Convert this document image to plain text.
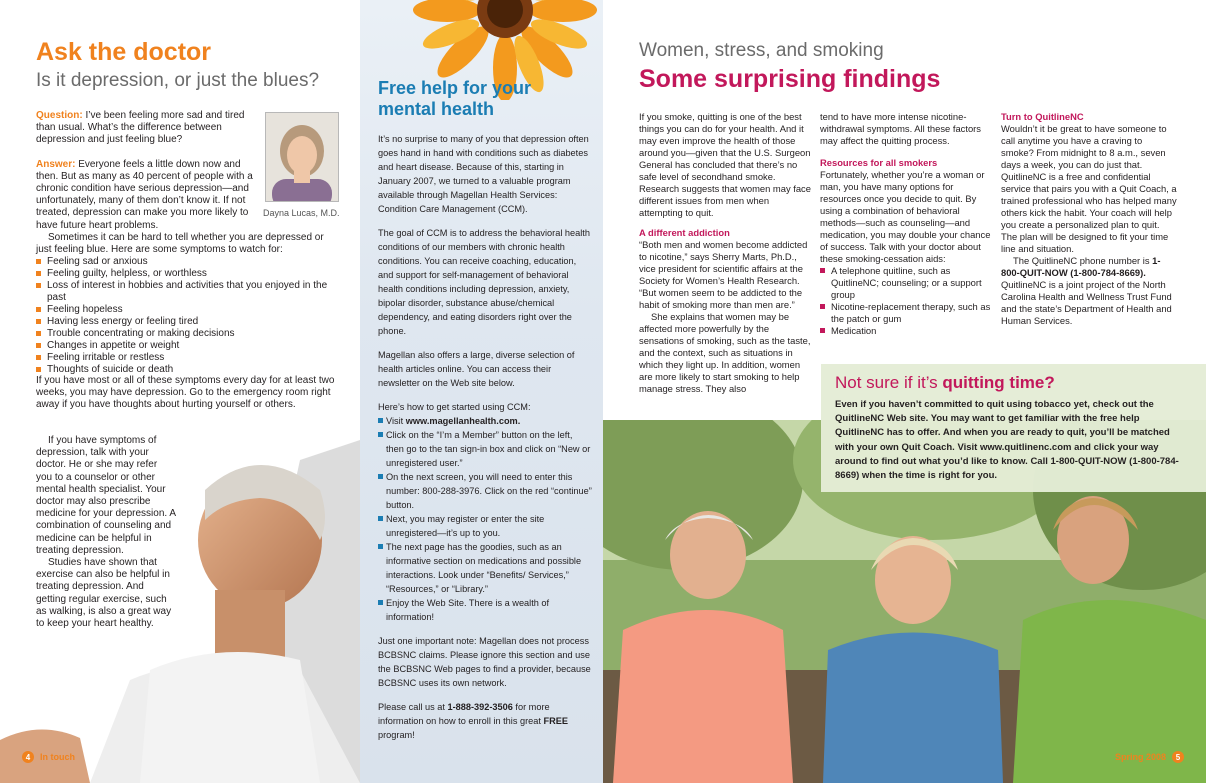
Ask the doctor
Is it depression, or just the blues?

Question: I’ve been feeling more sad and tired than usual. What’s the difference between depression and just feeling blue?

Answer: Everyone feels a little down now and then. But as many as 40 percent of people with a chronic condition have serious depression—and unfortunately, many of them don’t know it. If not treated, depression can make you more likely to have future heart problems.

Dayna Lucas, M.D.
Sometimes it can be hard to tell whether you are depressed or just feeling blue. Here are some symptoms to watch for:
Feeling sad or anxious
Feeling guilty, helpless, or worthless
Loss of interest in hobbies and activities that you enjoyed in the past
Feeling hopeless
Having less energy or feeling tired
Trouble concentrating or making decisions
Changes in appetite or weight
Feeling irritable or restless
Thoughts of suicide or death
If you have most or all of these symptoms every day for at least two weeks, you may have depression. Go to the emergency room right away if you have thoughts about hurting yourself or others.

If you have symptoms of depression, talk with your doctor. He or she may refer you to a counselor or other mental health specialist. Your doctor may also prescribe medicine for your depression. A combination of counseling and medicine can be helpful in treating depression.

Studies have shown that exercise can also be helpful in treating depression. And getting regular exercise, such as walking, is also a great way to keep your heart healthy.

4	In touch
Free help for your mental health

It’s no surprise to many of you that depression often goes hand in hand with conditions such as diabetes and heart disease. Because of this, starting in January 2007, we turned to a valuable program available through Magellan Health Services: Condition Care Management (CCM).

The goal of CCM is to address the behavioral health conditions of our members with chronic health conditions. You can receive coaching, education, and support for self-management of behavioral health conditions including depression, anxiety, bipolar disorder, substance abuse/chemical dependency, and eating disorders right over the phone.

Magellan also offers a large, diverse selection of health articles online. You can access their newsletter on the Web site below.

Here’s how to get started using CCM:

Visit www.magellanhealth.com.
Click on the “I’m a Member” button on the left, then go to the tan sign-in box and click on “New or unregistered user.”
On the next screen, you will need to enter this number: 800-288-3976. Click on the red “continue” button.
Next, you may register or enter the site unregistered—it’s up to you.
The next page has the goodies, such as an informative section on medications and possible interactions. Look under “Benefits/ Services,” “Resources,” or “Library.”
Enjoy the Web Site. There is a wealth of information!

Just one important note: Magellan does not process BCBSNC claims. Please ignore this section and use the BCBSNC Web pages to find a provider, because BCBSNC uses its own network.

Please call us at 1-888-392-3506 for more information on how to enroll in this great FREE program!

Women, stress, and smoking
Some surprising findings

If you smoke, quitting is one of the best things you can do for your health. And it may even improve the health of those around you—given that the U.S. Surgeon General has concluded that there’s no safe level of secondhand smoke. Research suggests that women may face different issues from men when attempting to quit.

A different addiction

“Both men and women become addicted to nicotine,” says Sherry Marts, Ph.D., vice president for scientific affairs at the Society for Women’s Health Research. “But women seem to be addicted to the habit of smoking more than men are.”

She explains that women may be affected more powerfully by the sensations of smoking, such as the taste, and the context, such as situations in which they light up. In addition, women are more likely to start smoking to help manage stress. They also

tend to have more intense nicotine-withdrawal symptoms. All these factors may affect the quitting process.

Resources for all smokers

Fortunately, whether you’re a woman or man, you have many options for resources once you decide to quit. By using a combination of behavioral methods—such as counseling—and medication, you may double your chance of success. Talk with your doctor about these smoking-cessation aids:

A telephone quitline, such as QuitlineNC; counseling; or a support group
Nicotine-replacement therapy, such as the patch or gum
Medication

Turn to QuitlineNC

Wouldn’t it be great to have someone to call anytime you have a craving to smoke? From midnight to 8 a.m., seven days a week, you can do just that. QuitlineNC is a free and confidential service that pairs you with a Quit Coach, a trained professional who has helped many others kick the habit. Your coach will help you create a personalized plan to quit. The plan will be designed to fit your time line and situation.

The QuitlineNC phone number is 1-800-QUIT-NOW (1-800-784-8669). QuitlineNC is a joint project of the North Carolina Health and Wellness Trust Fund and the state’s Department of Health and Human Services.

Not sure if it’s quitting time?
Even if you haven’t committed to quit using tobacco yet, check out the QuitlineNC Web site. You may want to get familiar with the free help QuitlineNC has to offer. And when you are ready to quit, you’ll be matched with your own Quit Coach. Visit www.quitlinenc.com and click your way around to find out what you’d like to know. Call 1-800-QUIT-NOW (1-800-784-8669) when the time is right for you.
Spring 2008	5
